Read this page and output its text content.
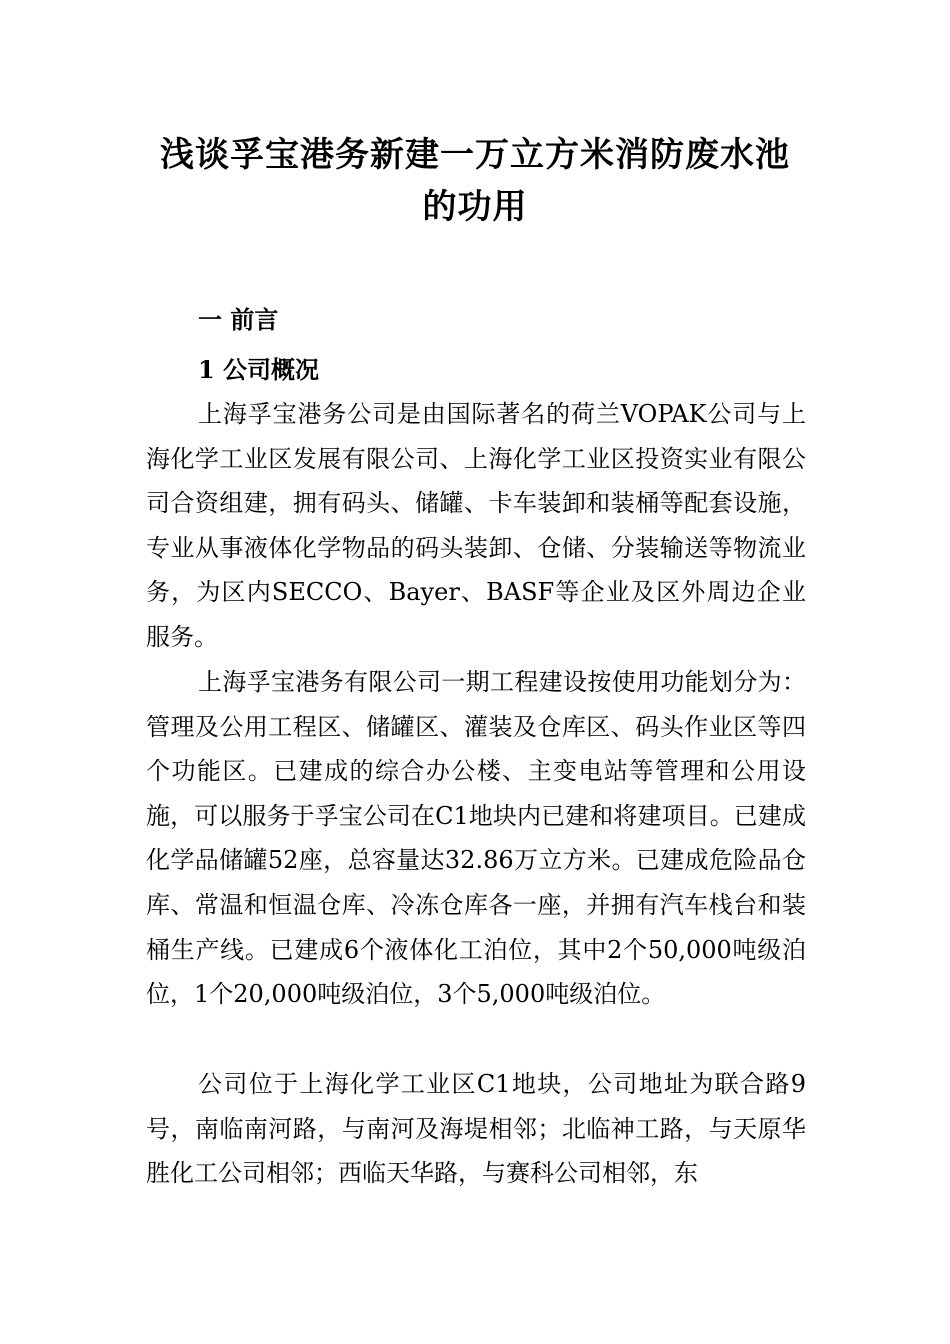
浅谈孚宝港务新建一万立方米消防废水池
的功用
一 前言
1 公司概况

上海孚宝港务公司是由国际著名的荷兰VOPAK公司与上海化学工业区发展有限公司、上海化学工业区投资实业有限公司合资组建，拥有码头、储罐、卡车装卸和装桶等配套设施，专业从事液体化学物品的码头装卸、仓储、分装输送等物流业务，为区内SECCO、Bayer、BASF等企业及区外周边企业服务。

上海孚宝港务有限公司一期工程建设按使用功能划分为：管理及公用工程区、储罐区、灌装及仓库区、码头作业区等四个功能区。已建成的综合办公楼、主变电站等管理和公用设施，可以服务于孚宝公司在C1地块内已建和将建项目。已建成化学品储罐52座，总容量达32.86万立方米。已建成危险品仓库、常温和恒温仓库、冷冻仓库各一座，并拥有汽车栈台和装桶生产线。已建成6个液体化工泊位，其中2个50,000吨级泊位，1个20,000吨级泊位，3个5,000吨级泊位。

公司位于上海化学工业区C1地块，公司地址为联合路9号，南临南河路，与南河及海堤相邻；北临神工路，与天原华胜化工公司相邻；西临天华路，与赛科公司相邻，东
